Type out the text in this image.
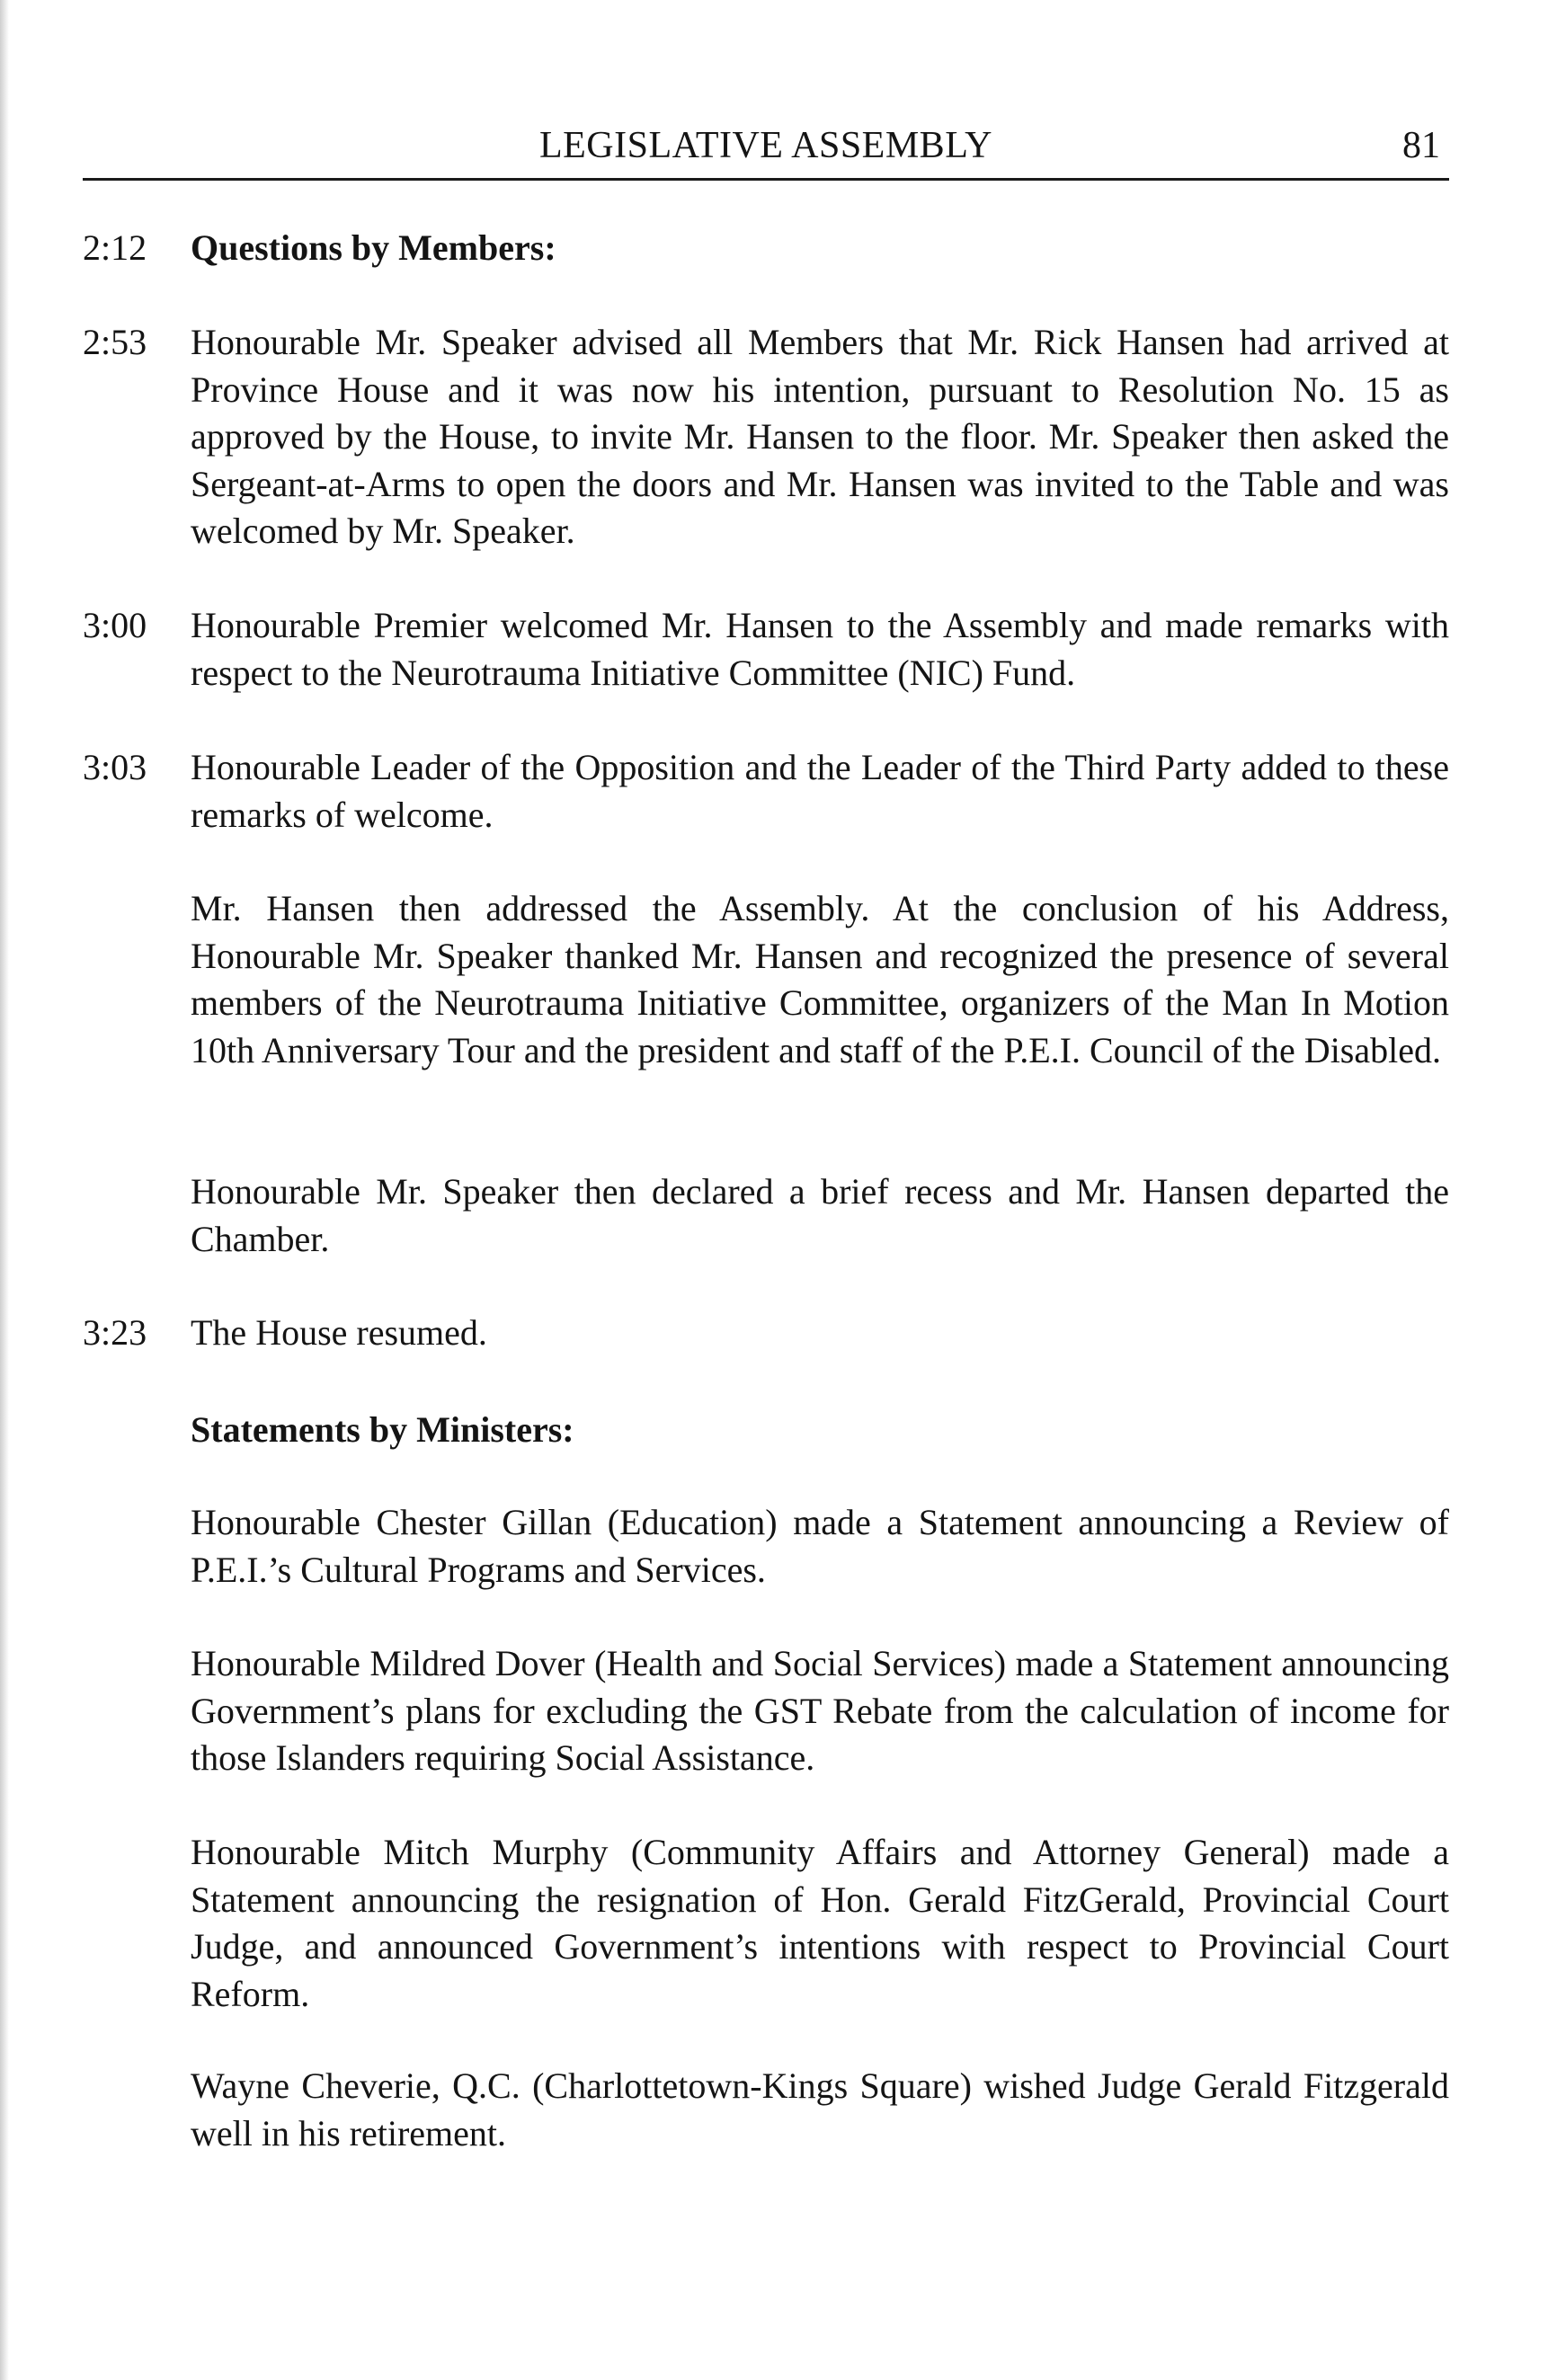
LEGISLATIVE ASSEMBLY	81
2:12	Questions by Members:
2:53	Honourable Mr. Speaker advised all Members that Mr. Rick Hansen had arrived at Province House and it was now his intention, pursuant to Resolution No. 15 as approved by the House, to invite Mr. Hansen to the floor. Mr. Speaker then asked the Sergeant-at-Arms to open the doors and Mr. Hansen was invited to the Table and was welcomed by Mr. Speaker.
3:00	Honourable Premier welcomed Mr. Hansen to the Assembly and made remarks with respect to the Neurotrauma Initiative Committee (NIC) Fund.
3:03	Honourable Leader of the Opposition and the Leader of the Third Party added to these remarks of welcome.
Mr. Hansen then addressed the Assembly. At the conclusion of his Address, Honourable Mr. Speaker thanked Mr. Hansen and recognized the presence of several members of the Neurotrauma Initiative Committee, organizers of the Man In Motion 10th Anniversary Tour and the president and staff of the P.E.I. Council of the Disabled.
Honourable Mr. Speaker then declared a brief recess and Mr. Hansen departed the Chamber.
3:23	The House resumed.
Statements by Ministers:
Honourable Chester Gillan (Education) made a Statement announcing a Review of P.E.I.’s Cultural Programs and Services.
Honourable Mildred Dover (Health and Social Services) made a Statement announcing Government’s plans for excluding the GST Rebate from the calculation of income for those Islanders requiring Social Assistance.
Honourable Mitch Murphy (Community Affairs and Attorney General) made a Statement announcing the resignation of Hon. Gerald FitzGerald, Provincial Court Judge, and announced Government’s intentions with respect to Provincial Court Reform.
Wayne Cheverie, Q.C. (Charlottetown-Kings Square) wished Judge Gerald Fitzgerald well in his retirement.
